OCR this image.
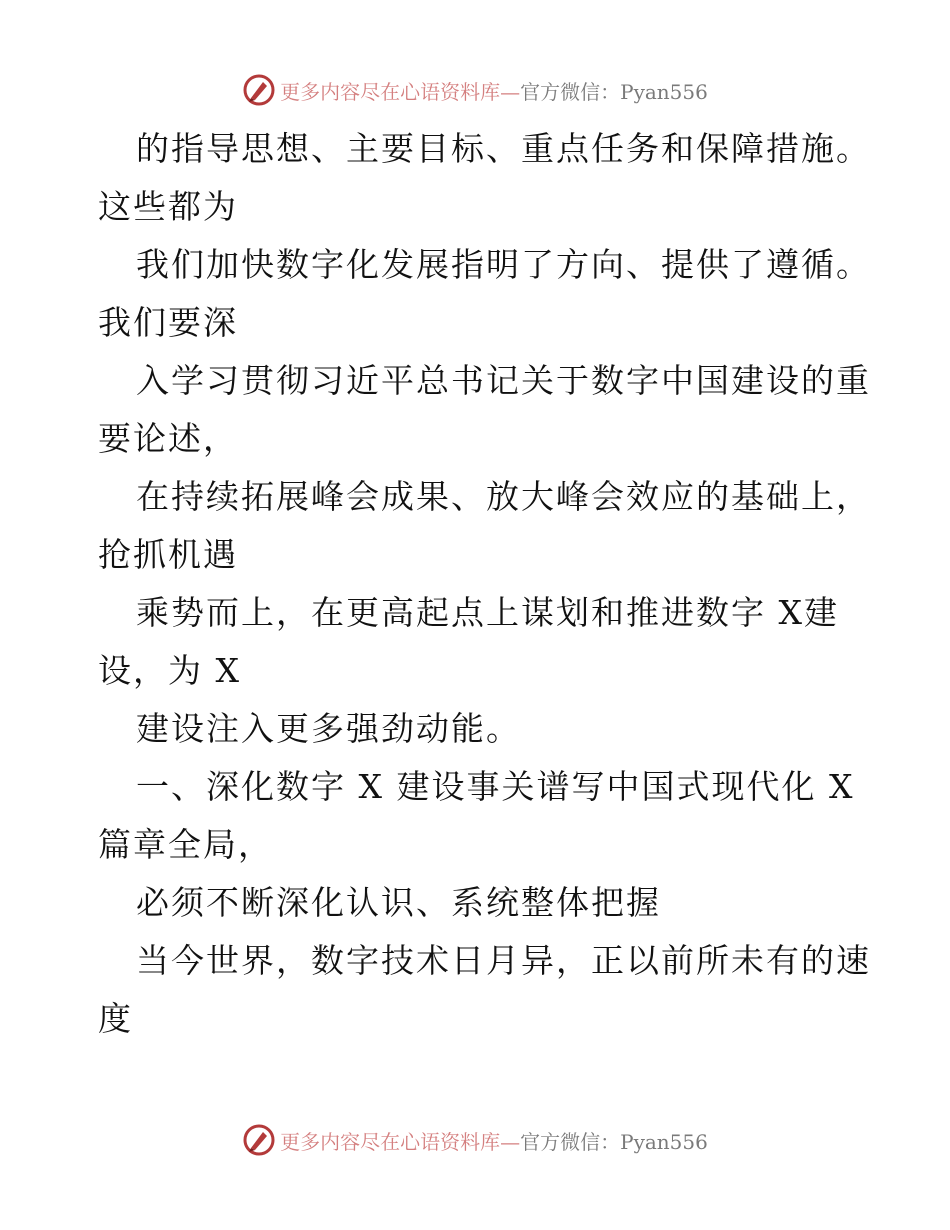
更多内容尽在心语资料库—官方微信：Pyan556
的指导思想、主要目标、重点任务和保障措施。
这些都为
我们加快数字化发展指明了方向、提供了遵循。
我们要深
入学习贯彻习近平总书记关于数字中国建设的重
要论述，
在持续拓展峰会成果、放大峰会效应的基础上，
抢抓机遇
乘势而上，在更高起点上谋划和推进数字 X建
设，为 X
建设注入更多强劲动能。
一、深化数字 X 建设事关谱写中国式现代化 X
篇章全局，
必须不断深化认识、系统整体把握
当今世界，数字技术日月异，正以前所未有的速
度
更多内容尽在心语资料库—官方微信：Pyan556
